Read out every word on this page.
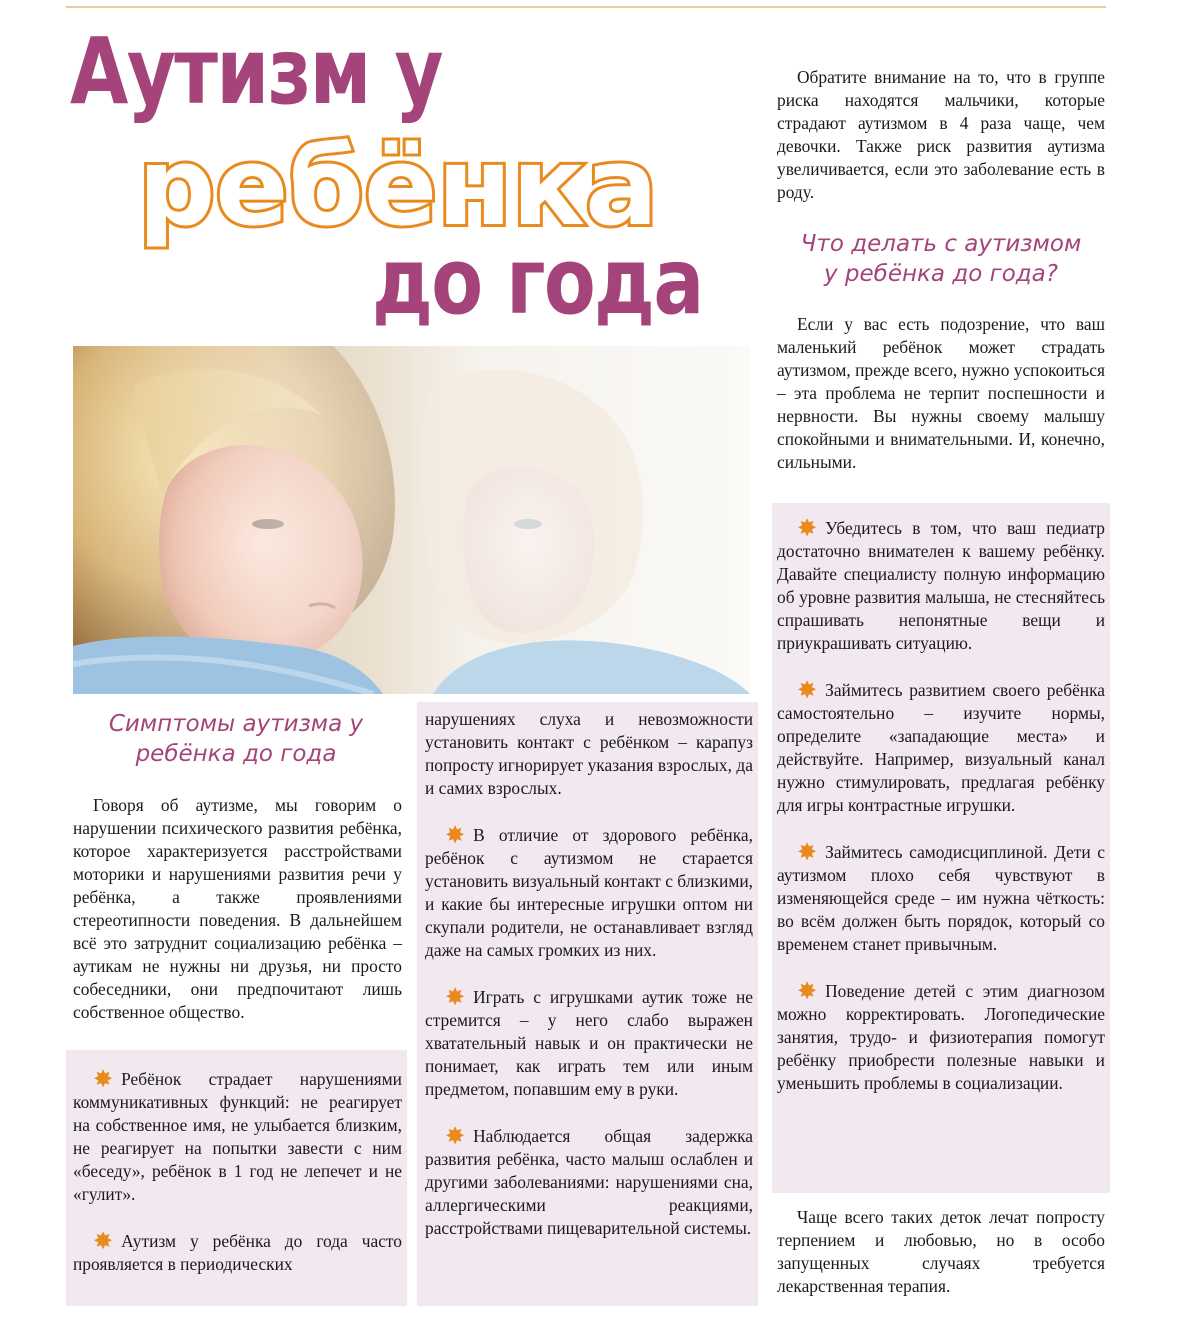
Аутизм у
ребёнка
до года
Симптомы аутизма у
ребёнка до года

Говоря об аутизме, мы говорим о нарушении психического развития ребёнка, которое характеризуется расстройствами моторики и нарушениями развития речи у ребёнка, а также проявлениями стереотипности поведения. В дальнейшем всё это затруднит социализацию ребёнка – аутикам не нужны ни друзья, ни просто собеседники, они предпочитают лишь собственное общество.

✸ Ребёнок страдает нарушениями коммуникативных функций: не реагирует на собственное имя, не улыбается близким, не реагирует на попытки завести с ним «беседу», ребёнок в 1 год не лепечет и не «гулит».

✸ Аутизм у ребёнка до года часто проявляется в периодических

нарушениях слуха и невозможности установить контакт с ребёнком – карапуз попросту игнорирует указания взрослых, да и самих взрослых.

✸ В отличие от здорового ребёнка, ребёнок с аутизмом не старается установить визуальный контакт с близкими, и какие бы интересные игрушки оптом ни скупали родители, не останавливает взгляд даже на самых громких из них.

✸ Играть с игрушками аутик тоже не стремится – у него слабо выражен хватательный навык и он практически не понимает, как играть тем или иным предметом, попавшим ему в руки.

✸ Наблюдается общая задержка развития ребёнка, часто малыш ослаблен и другими заболеваниями: нарушениями сна, аллергическими реакциями, расстройствами пищеварительной системы.

Обратите внимание на то, что в группе риска находятся мальчики, которые страдают аутизмом в 4 раза чаще, чем девочки. Также риск развития аутизма увеличивается, если это заболевание есть в роду.

Что делать с аутизмом
у ребёнка до года?

Если у вас есть подозрение, что ваш маленький ребёнок может страдать аутизмом, прежде всего, нужно успокоиться – эта проблема не терпит поспешности и нервности. Вы нужны своему малышу спокойными и внимательными. И, конечно, сильными.

✸ Убедитесь в том, что ваш педиатр достаточно внимателен к вашему ребёнку. Давайте специалисту полную информацию об уровне развития малыша, не стесняйтесь спрашивать непонятные вещи и приукрашивать ситуацию.

✸ Займитесь развитием своего ребёнка самостоятельно – изучите нормы, определите «западающие места» и действуйте. Например, визуальный канал нужно стимулировать, предлагая ребёнку для игры контрастные игрушки.

✸ Займитесь самодисциплиной. Дети с аутизмом плохо себя чувствуют в изменяющейся среде – им нужна чёткость: во всём должен быть порядок, который со временем станет привычным.

✸ Поведение детей с этим диагнозом можно корректировать. Логопедические занятия, трудо- и физиотерапия помогут ребёнку приобрести полезные навыки и уменьшить проблемы в социализации.

Чаще всего таких деток лечат попросту терпением и любовью, но в особо запущенных случаях требуется лекарственная терапия.
